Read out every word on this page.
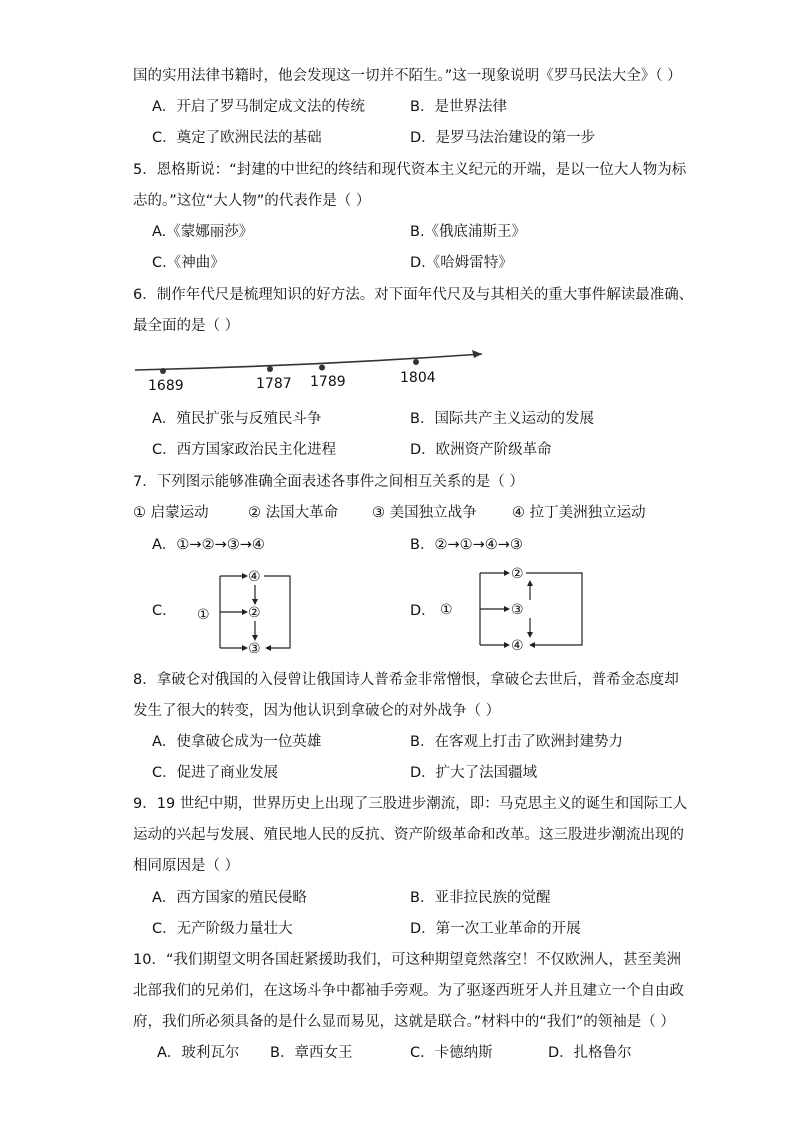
国的实用法律书籍时，他会发现这一切并不陌生。”这一现象说明《罗马民法大全》（ ）
A．开启了罗马制定成文法的传统	B．是世界法律
C．奠定了欧洲民法的基础	D．是罗马法治建设的第一步
5．恩格斯说：“封建的中世纪的终结和现代资本主义纪元的开端，是以一位大人物为标
志的。”这位“大人物”的代表作是（ ）
A.《蒙娜丽莎》	B.《俄底浦斯王》
C.《神曲》	D.《哈姆雷特》
6．制作年代尺是梳理知识的好方法。对下面年代尺及与其相关的重大事件解读最准确、
最全面的是（ ）
1689	1787 1789	1804
A．殖民扩张与反殖民斗争	B．国际共产主义运动的发展
C．西方国家政治民主化进程	D．欧洲资产阶级革命
7．下列图示能够准确全面表述各事件之间相互关系的是（ ）
① 启蒙运动	② 法国大革命 ③ 美国独立战争 ④ 拉丁美洲独立运动
A．①→②→③→④	B．②→①→④→③
C． ①
④
②
③
D． ①
②
③
④
8．拿破仑对俄国的入侵曾让俄国诗人普希金非常憎恨，拿破仑去世后，普希金态度却
发生了很大的转变，因为他认识到拿破仑的对外战争（ ）
A．使拿破仑成为一位英雄	B．在客观上打击了欧洲封建势力
C．促进了商业发展	D．扩大了法国疆域
9．19 世纪中期，世界历史上出现了三股进步潮流，即：马克思主义的诞生和国际工人
运动的兴起与发展、殖民地人民的反抗、资产阶级革命和改革。这三股进步潮流出现的
相同原因是（ ）
A．西方国家的殖民侵略	B．亚非拉民族的觉醒
C．无产阶级力量壮大	D．第一次工业革命的开展
10．“我们期望文明各国赶紧援助我们，可这种期望竟然落空！不仅欧洲人，甚至美洲
北部我们的兄弟们，在这场斗争中都袖手旁观。为了驱逐西班牙人并且建立一个自由政
府，我们所必须具备的是什么显而易见，这就是联合。”材料中的“我们”的领袖是（ ）
A．玻利瓦尔 B．章西女王	C．卡德纳斯	D．扎格鲁尔
